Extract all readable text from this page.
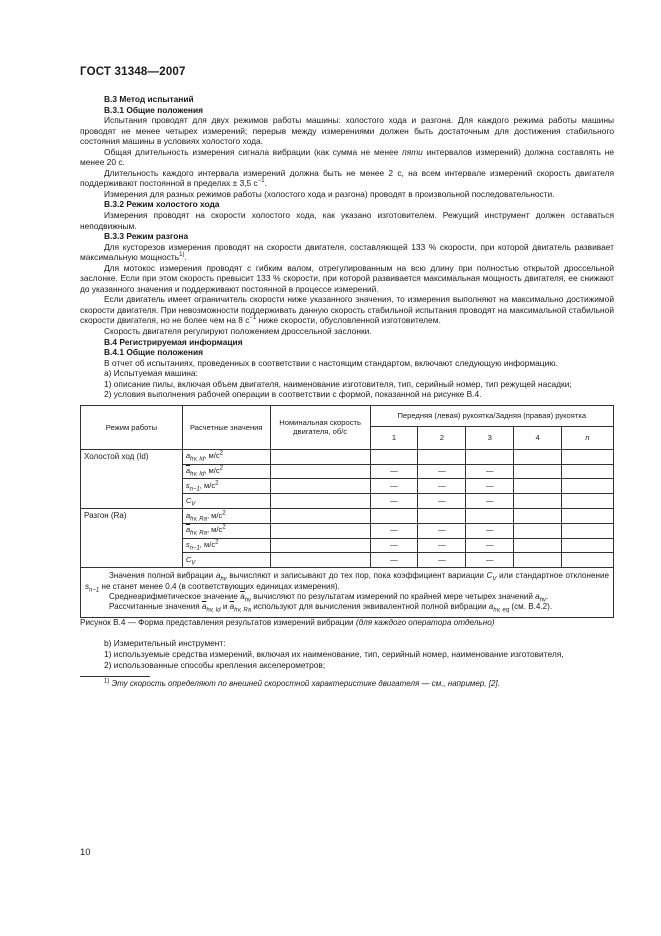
ГОСТ 31348—2007

В.3 Метод испытаний

В.3.1 Общие положения

Испытания проводят для двух режимов работы машины: холостого хода и разгона. Для каждого режима работы машины проводят не менее четырех измерений; перерыв между измерениями должен быть достаточным для достижения стабильного состояния машины в условиях холостого хода.

Общая длительность измерения сигнала вибрации (как сумма не менее пяти интервалов измерений) должна составлять не менее 20 с.

Длительность каждого интервала измерений должна быть не менее 2 с, на всем интервале измерений скорость двигателя поддерживают постоянной в пределах ± 3,5 $с^{-1}$.

Измерения для разных режимов работы (холостого хода и разгона) проводят в произвольной последовательности.

В.3.2 Режим холостого хода

Измерения проводят на скорости холостого хода, как указано изготовителем. Режущий инструмент должен оставаться неподвижным.

В.3.3 Режим разгона

Для кусторезов измерения проводят на скорости двигателя, составляющей 133 % скорости, при которой двигатель развивает максимальную мощность$^{1)}$.

Для мотокос измерения проводят с гибким валом, отрегулированным на всю длину при полностью открытой дроссельной заслонке. Если при этом скорость превысит 133 % скорости, при которой развивается максимальная мощность двигателя, ее снижают до указанного значения и поддерживают постоянной в процессе измерений.

Если двигатель имеет ограничитель скорости ниже указанного значения, то измерения выполняют на максимально достижимой скорости двигателя. При невозможности поддерживать данную скорость стабильной испытания проводят на максимальной стабильной скорости двигателя, но не более чем на 8 $с^{-1}$ ниже скорости, обусловленной изготовителем.

Скорость двигателя регулируют положением дроссельной заслонки.

В.4 Регистрируемая информация

В.4.1 Общие положения

В отчет об испытаниях, проведенных в соответствии с настоящим стандартом, включают следующую информацию.

а) Испытуемая машина:

1) описание пилы, включая объем двигателя, наименование изготовителя, тип, серийный номер, тип режущей насадки;

2) условия выполнения рабочей операции в соответствии с формой, показанной на рисунке В.4.

Режим работы	Расчетные значения	Номинальная скорость двигателя, об/с	Передняя (левая) рукоятка/Задняя (правая) рукоятка				
			1	2	3	4	n
Холостой ход (Id)	$a_{hv, Id}$, $м/с^2$						
	$\overline{a}_{hv, Id}$, $м/с^2$		—	—	—		
	$s_{n-1}$, $м/с^2$		—	—	—		
	$C_V$		—	—	—		
Разгон (Ra)	$a_{hv, Ra}$, $м/с^2$						
	$\overline{a}_{hv, Ra}$, $м/с^2$		—	—	—		
	$s_{n-1}$, $м/с^2$		—	—	—		
	$C_V$		—	—	—		

Значения полной вибрации $a_{hv}$ вычисляют и записывают до тех пор, пока коэффициент вариации $C_V$ или стандартное отклонение $s_{n-1}$ не станет менее 0,4 (в соответствующих единицах измерения).

Среднеарифметическое значение $\overline{a}_{hv}$ вычисляют по результатам измерений по крайней мере четырех значений $a_{hv}$.

Рассчитанные значения $\overline{a}_{hv, Id}$ и $\overline{a}_{hv, Ra}$ используют для вычисления эквивалентной полной вибрации $a_{hv, eq}$ (см. В.4.2).							

Рисунок В.4 — Форма представления результатов измерений вибрации (для каждого оператора отдельно)

b) Измерительный инструмент:

1) используемые средства измерений, включая их наименование, тип, серийный номер, наименование изготовителя,

2) использованные способы крепления акселерометров;

$^{1)}$ Эту скорость определяют по внешней скоростной характеристике двигателя — см., например, [2].

10
